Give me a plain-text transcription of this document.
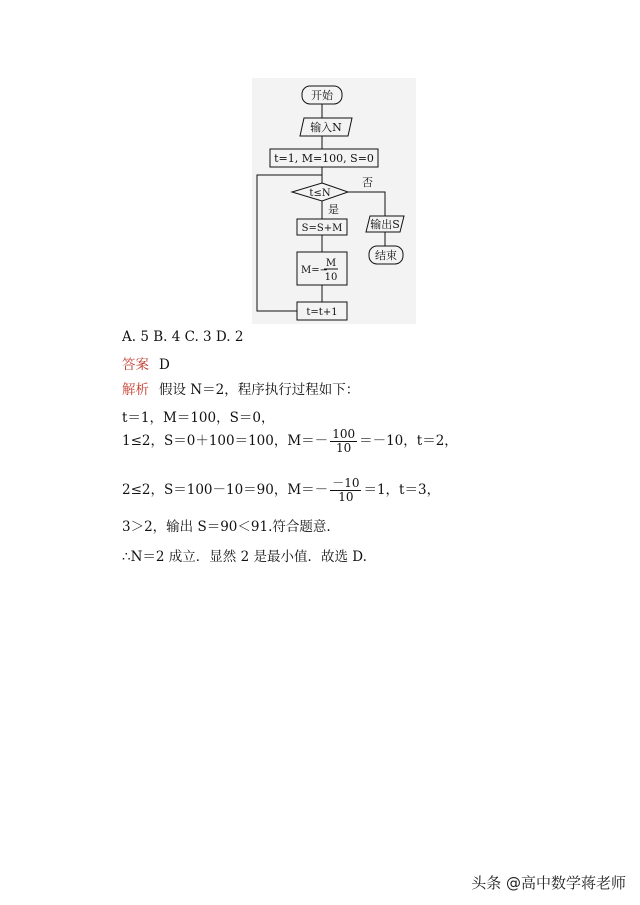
开始
输入N
t=1, M=100, S=0
t≤N
否
是
S=S+M
M=−
M
10
t=t+1
输出S
结束
A. 5 B. 4 C. 3 D. 2
答案 D
解析 假设 N＝2，程序执行过程如下：
t＝1，M＝100，S＝0，
1≤2，S＝0＋100＝100，$M=- \frac{100}{10} =-10$，t＝2，
2≤2，S＝100－10＝90，$M=- \frac{-10}{10} =1$，t＝3，
3＞2，输出 S＝90＜91.符合题意.
∴N＝2 成立．显然 2 是最小值．故选 D.
头条 @高中数学蒋老师
